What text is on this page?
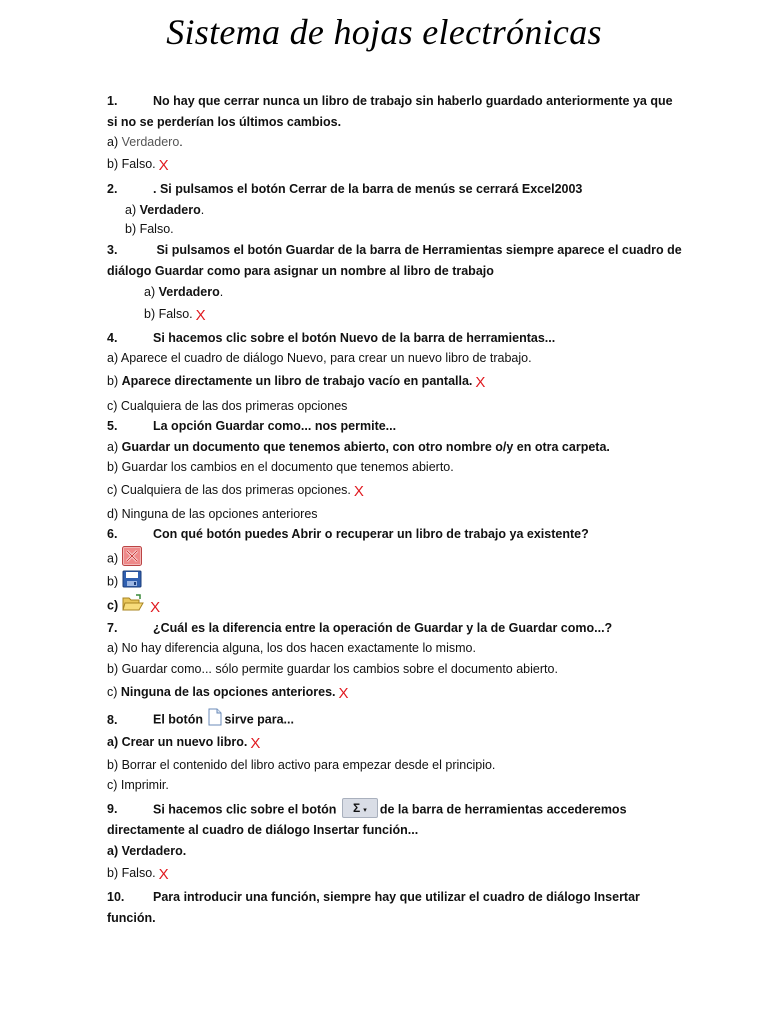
Sistema de hojas electrónicas
1.	No hay que cerrar nunca un libro de trabajo sin haberlo guardado anteriormente ya que
si no se perderían los últimos cambios.
a) Verdadero.
b) Falso. X
2.	. Si pulsamos el botón Cerrar de la barra de menús se cerrará Excel2003
a) Verdadero.
b) Falso.
3.	Si pulsamos el botón Guardar de la barra de Herramientas siempre aparece el cuadro de
diálogo Guardar como para asignar un nombre al libro de trabajo
a) Verdadero.
b) Falso. X
4.	Si hacemos clic sobre el botón Nuevo de la barra de herramientas...
a) Aparece el cuadro de diálogo Nuevo, para crear un nuevo libro de trabajo.
b) Aparece directamente un libro de trabajo vacío en pantalla. X
c) Cualquiera de las dos primeras opciones
5.	La opción Guardar como... nos permite...
a) Guardar un documento que tenemos abierto, con otro nombre o/y en otra carpeta.
b) Guardar los cambios en el documento que tenemos abierto.
c) Cualquiera de las dos primeras opciones. X
d) Ninguna de las opciones anteriores
6.	Con qué botón puedes Abrir o recuperar un libro de trabajo ya existente?
a)
b)
c) X
7.	¿Cuál es la diferencia entre la operación de Guardar y la de Guardar como...?
a) No hay diferencia alguna, los dos hacen exactamente lo mismo.
b) Guardar como... sólo permite guardar los cambios sobre el documento abierto.
c) Ninguna de las opciones anteriores. X
8.	El botón sirve para...
a) Crear un nuevo libro. X
b) Borrar el contenido del libro activo para empezar desde el principio.
c) Imprimir.
9.	Si hacemos clic sobre el botón Σ ▾ de la barra de herramientas accederemos
directamente al cuadro de diálogo Insertar función...
a) Verdadero.
b) Falso. X
10. Para introducir una función, siempre hay que utilizar el cuadro de diálogo Insertar
función.
